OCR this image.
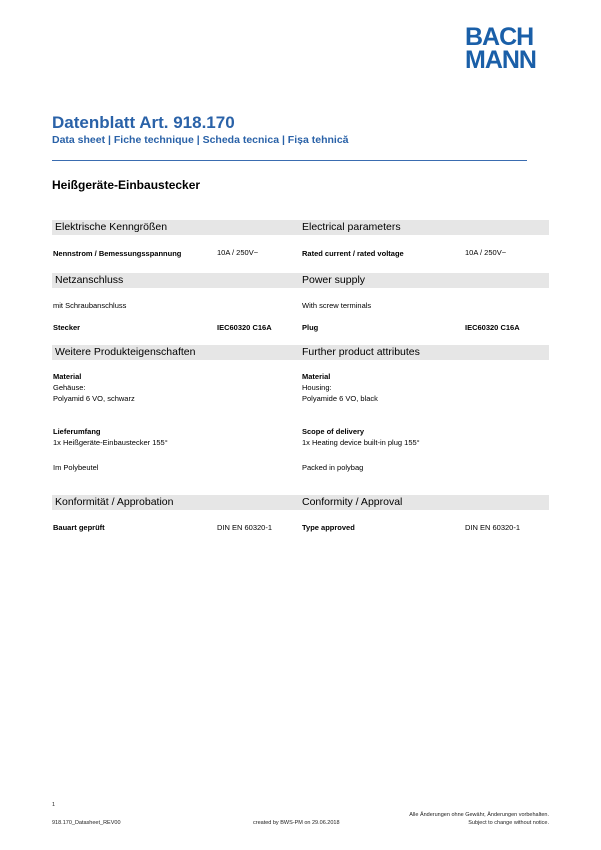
BACH
MANN
Datenblatt Art. 918.170
Data sheet | Fiche technique | Scheda tecnica | Fișa tehnică
Heißgeräte-Einbaustecker
Elektrische Kenngrößen	Electrical parameters
Nennstrom / Bemessungsspannung	10A / 250V~	Rated current / rated voltage	10A / 250V~
Netzanschluss	Power supply
mit Schraubanschluss	With screw terminals
Stecker	IEC60320 C16A	Plug	IEC60320 C16A
Weitere Produkteigenschaften	Further product attributes
Material
Gehäuse:
Polyamid 6 VO, schwarz
Material
Housing:
Polyamide 6 VO, black
Lieferumfang
1x Heißgeräte-Einbaustecker 155°
Scope of delivery
1x Heating device built-in plug 155°
Im Polybeutel	Packed in polybag
Konformität / Approbation	Conformity / Approval
Bauart geprüft	DIN EN 60320-1	Type approved	DIN EN 60320-1
1
918.170_Datasheet_REV00	created by BWS-PM on 29.06.2018
Alle Änderungen ohne Gewähr, Änderungen vorbehalten.
Subject to change without notice.
